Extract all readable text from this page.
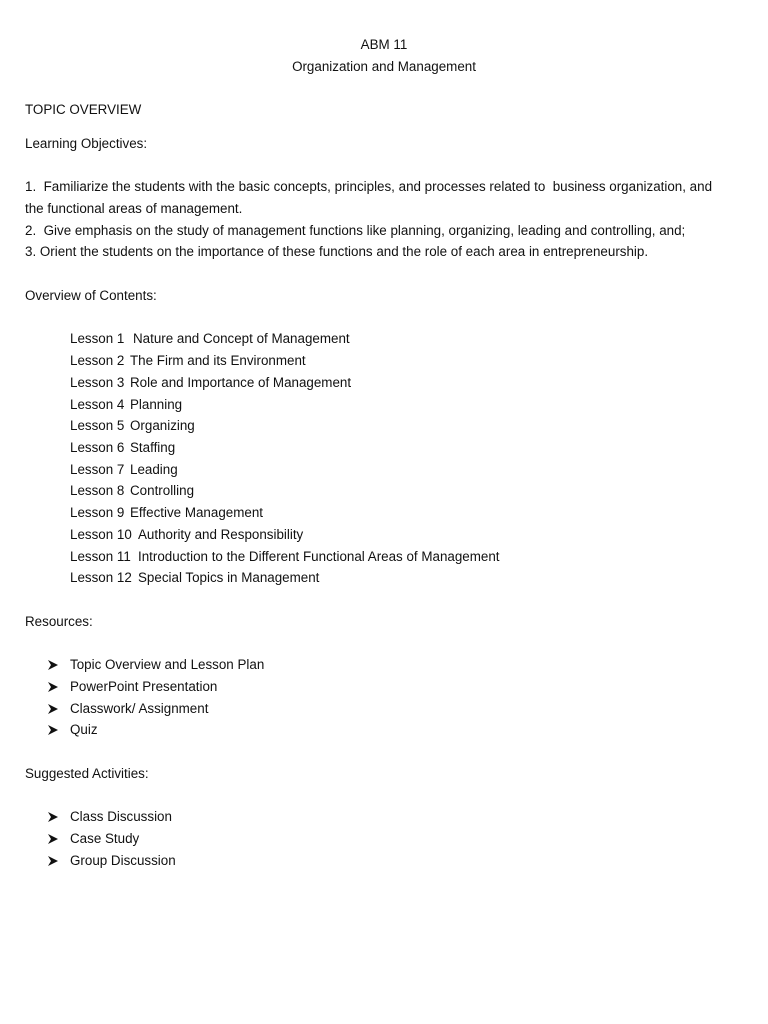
ABM 11
Organization and Management
TOPIC OVERVIEW
Learning Objectives:
1.  Familiarize the students with the basic concepts, principles, and processes related to  business organization, and
the functional areas of management.
2.  Give emphasis on the study of management functions like planning, organizing, leading and controlling, and;
3. Orient the students on the importance of these functions and the role of each area in entrepreneurship.
Overview of Contents:
Lesson 1 Nature and Concept of Management
Lesson 2 The Firm and its Environment
Lesson 3 Role and Importance of Management
Lesson 4 Planning
Lesson 5 Organizing
Lesson 6 Staffing
Lesson 7 Leading
Lesson 8 Controlling
Lesson 9 Effective Management
Lesson 10 Authority and Responsibility
Lesson 11 Introduction to the Different Functional Areas of Management
Lesson 12 Special Topics in Management
Resources:
Topic Overview and Lesson Plan
PowerPoint Presentation
Classwork/ Assignment
Quiz
Suggested Activities:
Class Discussion
Case Study
Group Discussion
